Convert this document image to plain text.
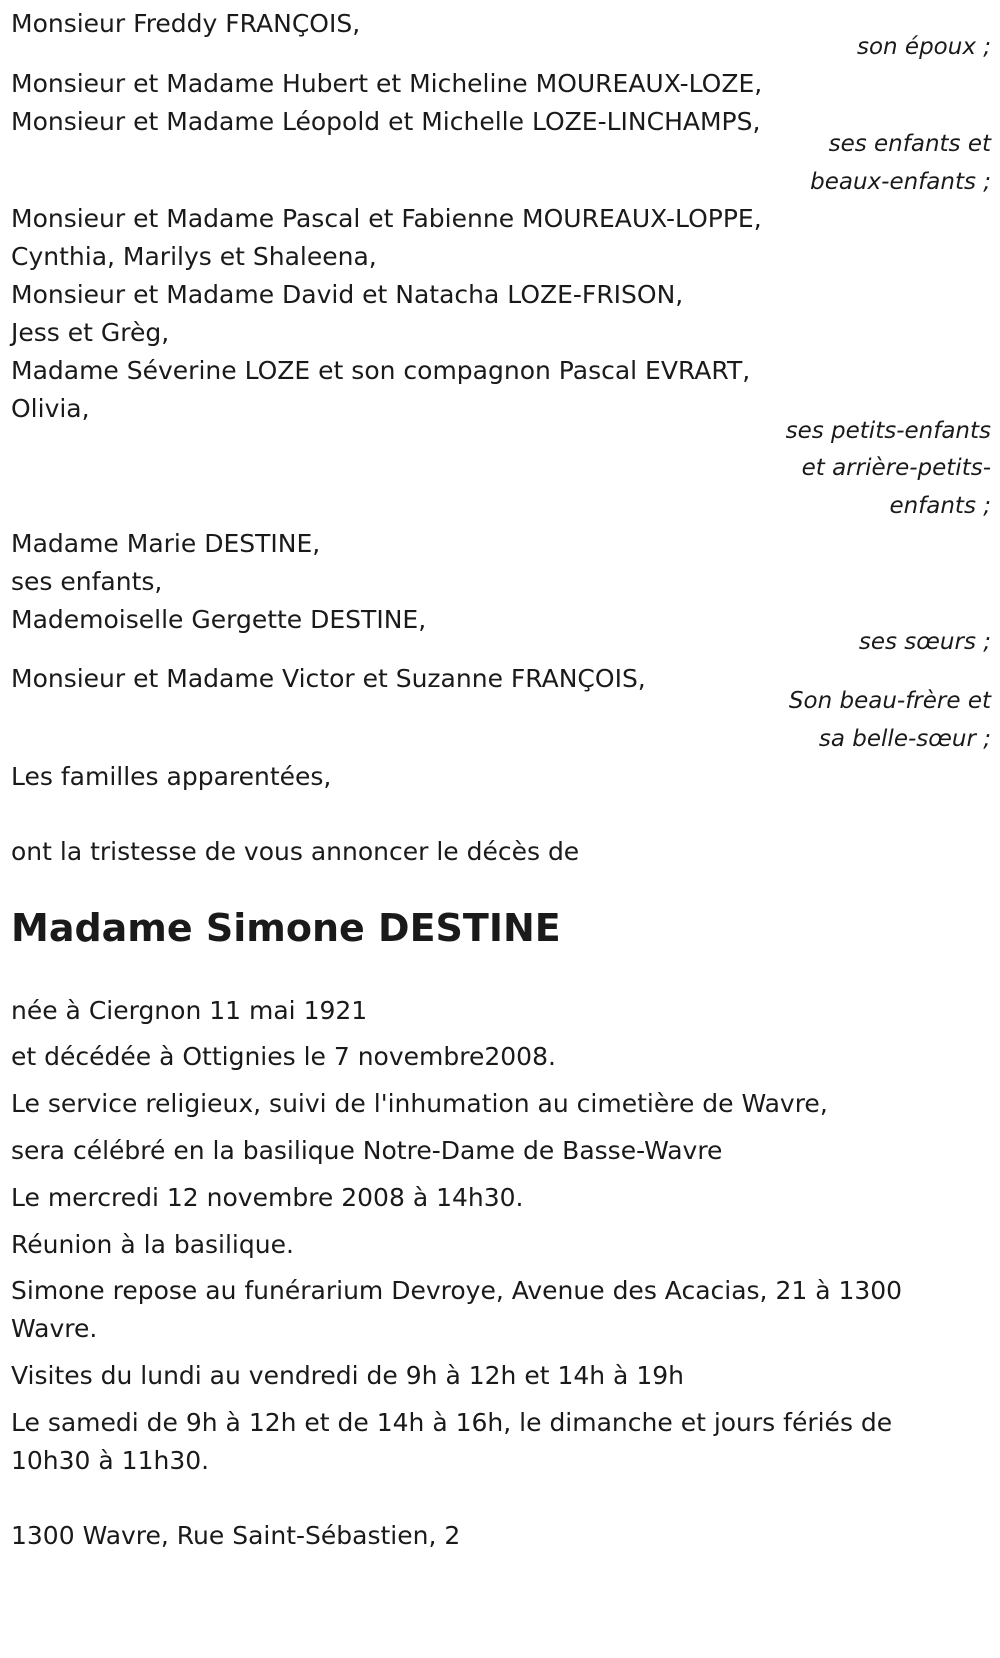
Monsieur Freddy FRANÇOIS,

son époux ;

Monsieur et Madame Hubert et Micheline MOUREAUX-LOZE,

Monsieur et Madame Léopold et Michelle LOZE-LINCHAMPS,

ses enfants et

beaux-enfants ;

Monsieur et Madame Pascal et Fabienne MOUREAUX-LOPPE,

Cynthia, Marilys et Shaleena,

Monsieur et Madame David et Natacha LOZE-FRISON,

Jess et Grèg,

Madame Séverine LOZE et son compagnon Pascal EVRART,

Olivia,

ses petits-enfants

et arrière-petits-

enfants ;

Madame Marie DESTINE,

ses enfants,

Mademoiselle Gergette DESTINE,

ses sœurs ;

Monsieur et Madame Victor et Suzanne FRANÇOIS,

Son beau-frère et

sa belle-sœur ;

Les familles apparentées,

ont la tristesse de vous annoncer le décès de

Madame Simone DESTINE

née à Ciergnon 11 mai 1921

et décédée à Ottignies le 7 novembre2008.

Le service religieux, suivi de l'inhumation au cimetière de Wavre,

sera célébré en la basilique Notre-Dame de Basse-Wavre

Le mercredi 12 novembre 2008 à 14h30.

Réunion à la basilique.

Simone repose au funérarium Devroye, Avenue des Acacias, 21 à 1300

Wavre.

Visites du lundi au vendredi de 9h à 12h et 14h à 19h

Le samedi de 9h à 12h et de 14h à 16h, le dimanche et jours fériés de

10h30 à 11h30.

1300 Wavre, Rue Saint-Sébastien, 2
